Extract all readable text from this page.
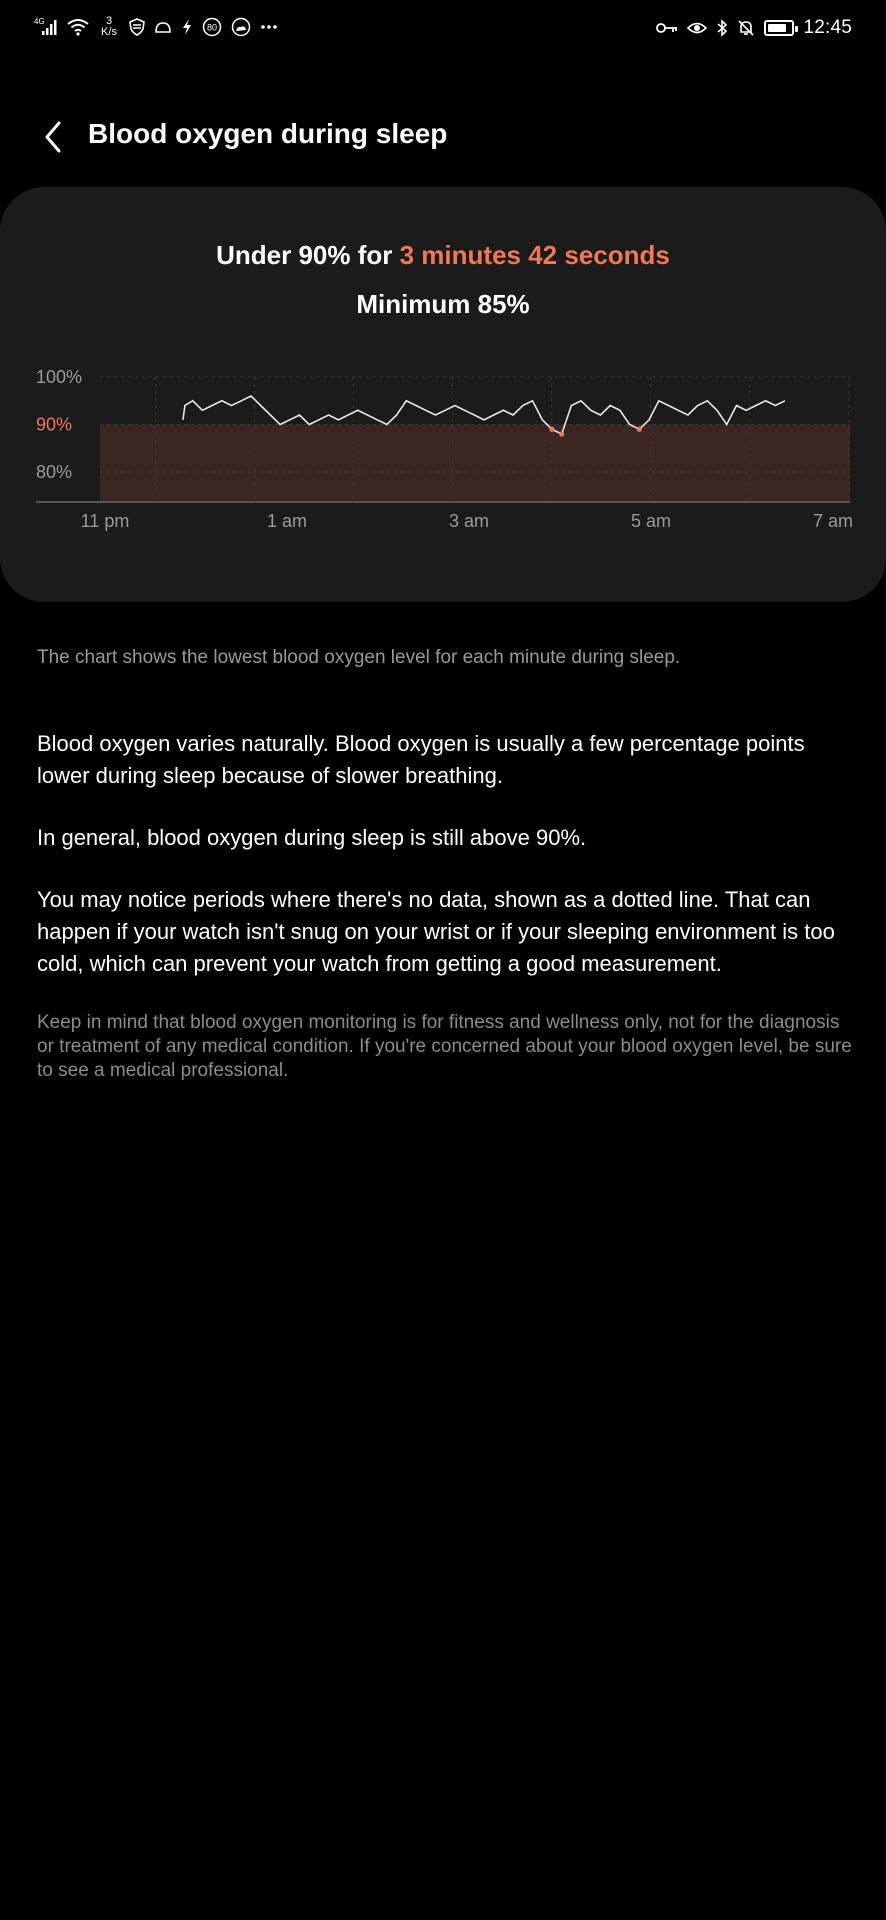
4G	3
K/s	80	12:45
Blood oxygen during sleep
Under 90% for 3 minutes 42 seconds
Minimum 85%
100%
90%
80%
11 pm	1 am	3 am	5 am	7 am
The chart shows the lowest blood oxygen level for each minute during sleep.
Blood oxygen varies naturally. Blood oxygen is usually a few percentage points lower during sleep because of slower breathing.
In general, blood oxygen during sleep is still above 90%.
You may notice periods where there's no data, shown as a dotted line. That can happen if your watch isn't snug on your wrist or if your sleeping environment is too cold, which can prevent your watch from getting a good measurement.
Keep in mind that blood oxygen monitoring is for fitness and wellness only, not for the diagnosis or treatment of any medical condition. If you're concerned about your blood oxygen level, be sure to see a medical professional.
